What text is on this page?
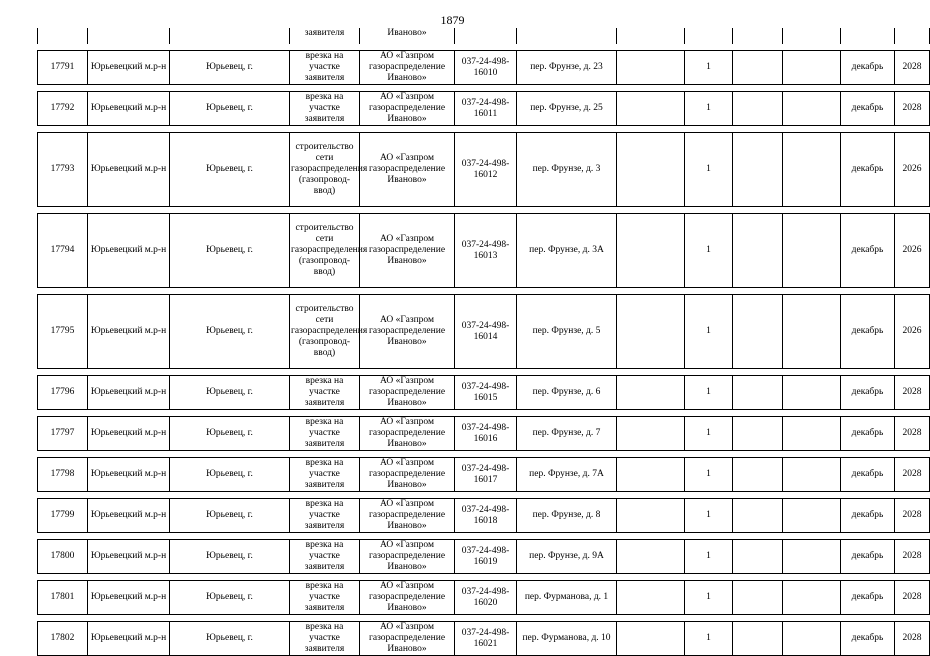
1879
			заявителя	Иваново»								

17791	Юрьевецкий м.р-н	Юрьевец, г.	врезка на участке заявителя	АО «Газпром газораспределение Иваново»	037-24-498-16010	пер. Фрунзе, д. 23		1			декабрь	2028

17792	Юрьевецкий м.р-н	Юрьевец, г.	врезка на участке заявителя	АО «Газпром газораспределение Иваново»	037-24-498-16011	пер. Фрунзе, д. 25		1			декабрь	2028

17793	Юрьевецкий м.р-н	Юрьевец, г.	строительство сети газораспределения (газопровод-ввод)	АО «Газпром газораспределение Иваново»	037-24-498-16012	пер. Фрунзе, д. 3		1			декабрь	2026

17794	Юрьевецкий м.р-н	Юрьевец, г.	строительство сети газораспределения (газопровод-ввод)	АО «Газпром газораспределение Иваново»	037-24-498-16013	пер. Фрунзе, д. 3А		1			декабрь	2026

17795	Юрьевецкий м.р-н	Юрьевец, г.	строительство сети газораспределения (газопровод-ввод)	АО «Газпром газораспределение Иваново»	037-24-498-16014	пер. Фрунзе, д. 5		1			декабрь	2026

17796	Юрьевецкий м.р-н	Юрьевец, г.	врезка на участке заявителя	АО «Газпром газораспределение Иваново»	037-24-498-16015	пер. Фрунзе, д. 6		1			декабрь	2028

17797	Юрьевецкий м.р-н	Юрьевец, г.	врезка на участке заявителя	АО «Газпром газораспределение Иваново»	037-24-498-16016	пер. Фрунзе, д. 7		1			декабрь	2028

17798	Юрьевецкий м.р-н	Юрьевец, г.	врезка на участке заявителя	АО «Газпром газораспределение Иваново»	037-24-498-16017	пер. Фрунзе, д. 7А		1			декабрь	2028

17799	Юрьевецкий м.р-н	Юрьевец, г.	врезка на участке заявителя	АО «Газпром газораспределение Иваново»	037-24-498-16018	пер. Фрунзе, д. 8		1			декабрь	2028

17800	Юрьевецкий м.р-н	Юрьевец, г.	врезка на участке заявителя	АО «Газпром газораспределение Иваново»	037-24-498-16019	пер. Фрунзе, д. 9А		1			декабрь	2028

17801	Юрьевецкий м.р-н	Юрьевец, г.	врезка на участке заявителя	АО «Газпром газораспределение Иваново»	037-24-498-16020	пер. Фурманова, д. 1		1			декабрь	2028

17802	Юрьевецкий м.р-н	Юрьевец, г.	врезка на участке заявителя	АО «Газпром газораспределение Иваново»	037-24-498-16021	пер. Фурманова, д. 10		1			декабрь	2028
